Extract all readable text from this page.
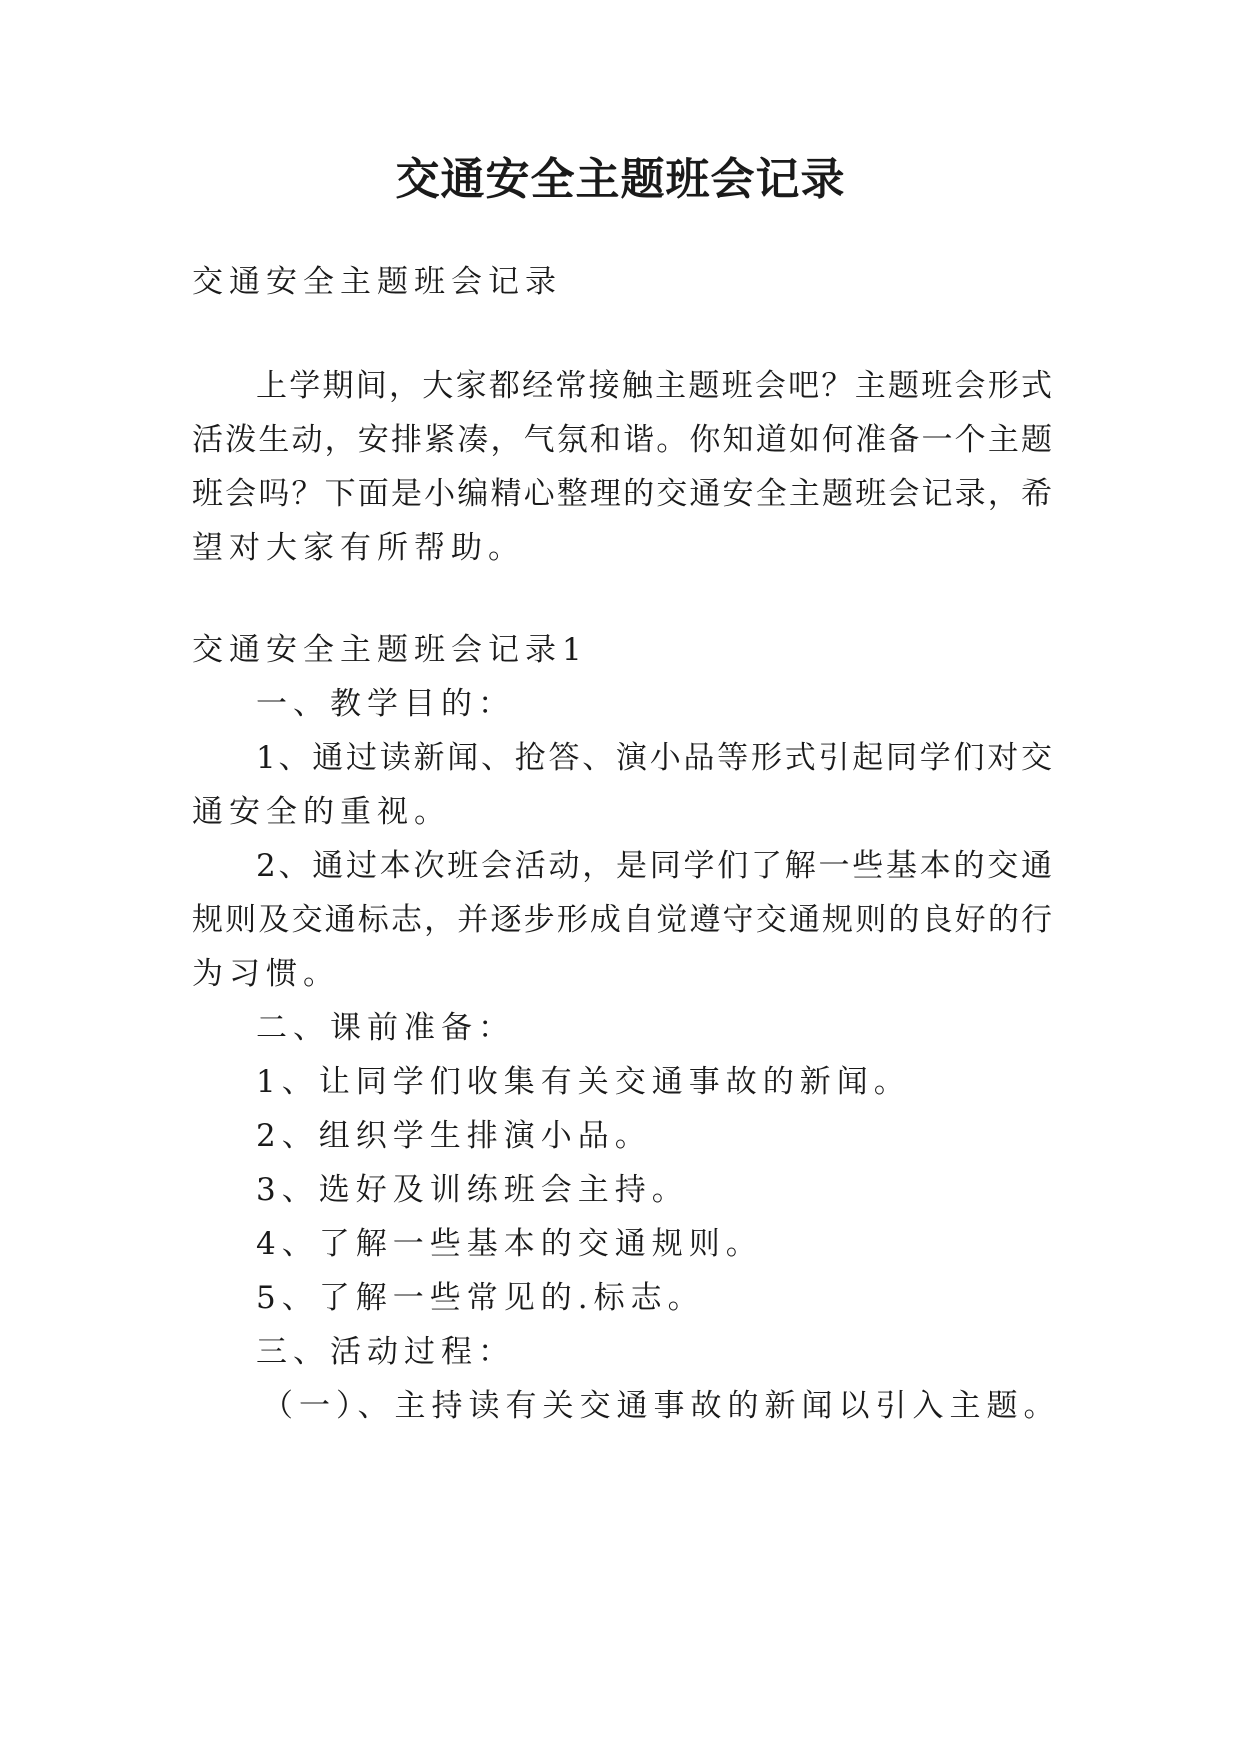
交通安全主题班会记录

交通安全主题班会记录

上学期间，大家都经常接触主题班会吧？主题班会形式

活泼生动，安排紧凑，气氛和谐。你知道如何准备一个主题

班会吗？下面是小编精心整理的交通安全主题班会记录，希

望对大家有所帮助。

交通安全主题班会记录1

一、教学目的：

1、通过读新闻、抢答、演小品等形式引起同学们对交

通安全的重视。

2、通过本次班会活动，是同学们了解一些基本的交通

规则及交通标志，并逐步形成自觉遵守交通规则的良好的行

为习惯。

二、课前准备：

1、让同学们收集有关交通事故的新闻。

2、组织学生排演小品。

3、选好及训练班会主持。

4、了解一些基本的交通规则。

5、了解一些常见的.标志。

三、活动过程：

（一）、主持读有关交通事故的新闻以引入主题。
